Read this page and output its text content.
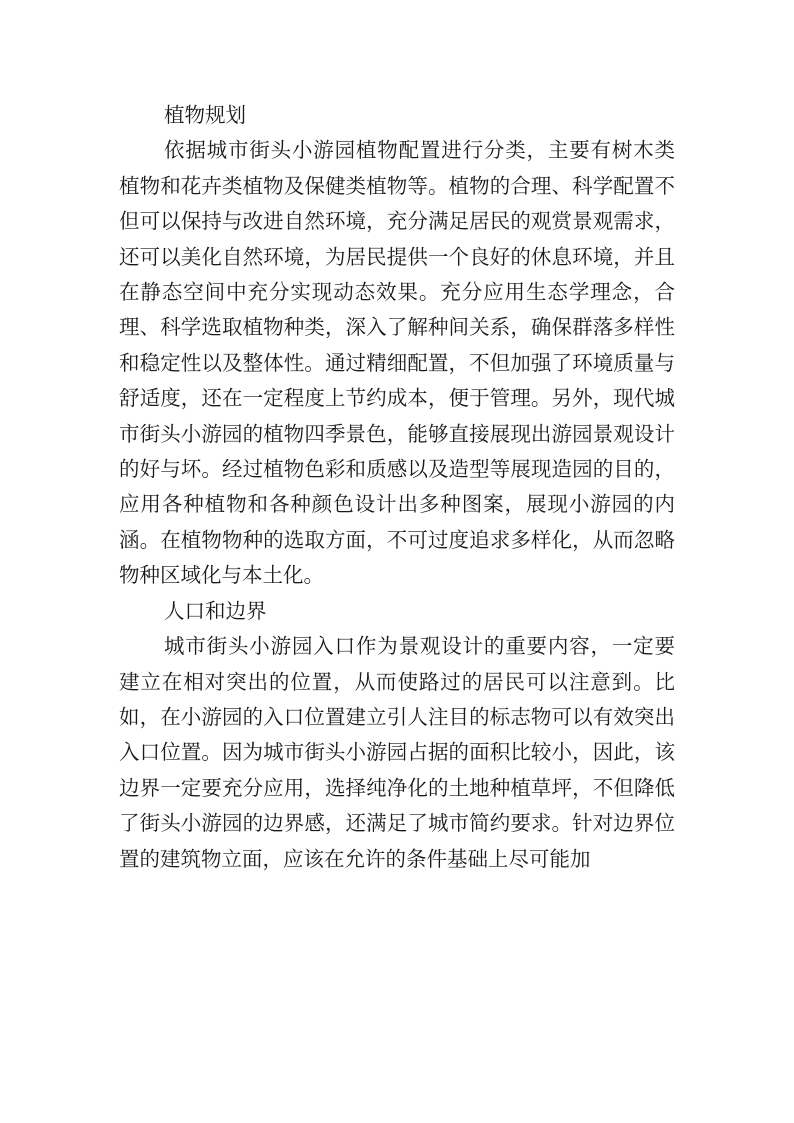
植物规划

依据城市街头小游园植物配置进行分类，主要有树木类植物和花卉类植物及保健类植物等。植物的合理、科学配置不但可以保持与改进自然环境，充分满足居民的观赏景观需求，还可以美化自然环境，为居民提供一个良好的休息环境，并且在静态空间中充分实现动态效果。充分应用生态学理念，合理、科学选取植物种类，深入了解种间关系，确保群落多样性和稳定性以及整体性。通过精细配置，不但加强了环境质量与舒适度，还在一定程度上节约成本，便于管理。另外，现代城市街头小游园的植物四季景色，能够直接展现出游园景观设计的好与坏。经过植物色彩和质感以及造型等展现造园的目的，应用各种植物和各种颜色设计出多种图案，展现小游园的内涵。在植物物种的选取方面，不可过度追求多样化，从而忽略物种区域化与本土化。

人口和边界

城市街头小游园入口作为景观设计的重要内容，一定要建立在相对突出的位置，从而使路过的居民可以注意到。比如，在小游园的入口位置建立引人注目的标志物可以有效突出入口位置。因为城市街头小游园占据的面积比较小，因此，该边界一定要充分应用，选择纯净化的土地种植草坪，不但降低了街头小游园的边界感，还满足了城市简约要求。针对边界位置的建筑物立面，应该在允许的条件基础上尽可能加
